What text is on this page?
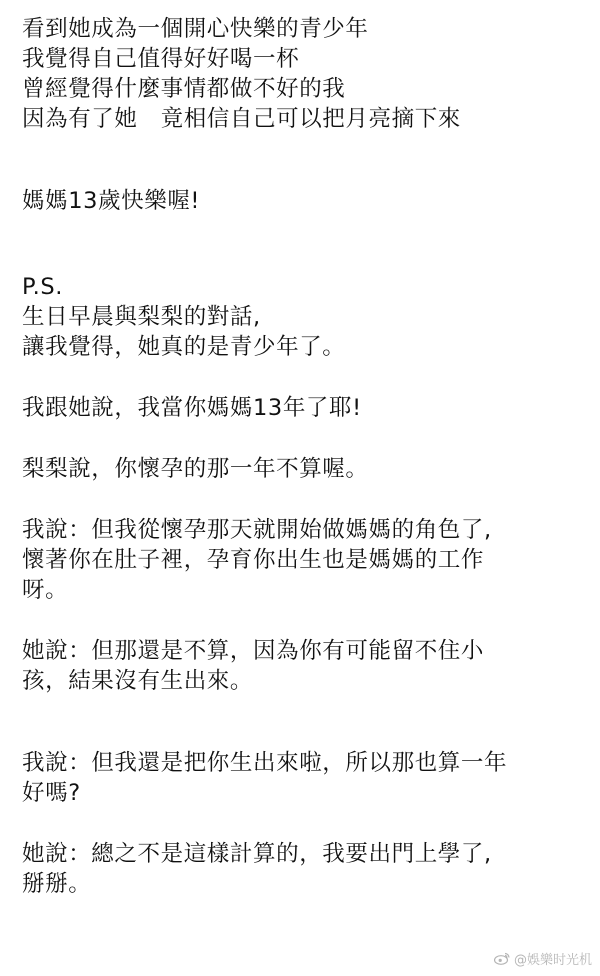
看到她成為一個開心快樂的青少年
我覺得自己值得好好喝一杯
曾經覺得什麼事情都做不好的我
因為有了她　竟相信自己可以把月亮摘下來
媽媽13歲快樂喔!
P.S.
生日早晨與梨梨的對話,
讓我覺得，她真的是青少年了。
我跟她說，我當你媽媽13年了耶!
梨梨說，你懷孕的那一年不算喔。
我說：但我從懷孕那天就開始做媽媽的角色了,
懷著你在肚子裡，孕育你出生也是媽媽的工作
呀。
她說：但那還是不算，因為你有可能留不住小
孩，結果沒有生出來。
我說：但我還是把你生出來啦，所以那也算一年
好嗎?
她說：總之不是這樣計算的，我要出門上學了,
掰掰。
@娛樂时光机
